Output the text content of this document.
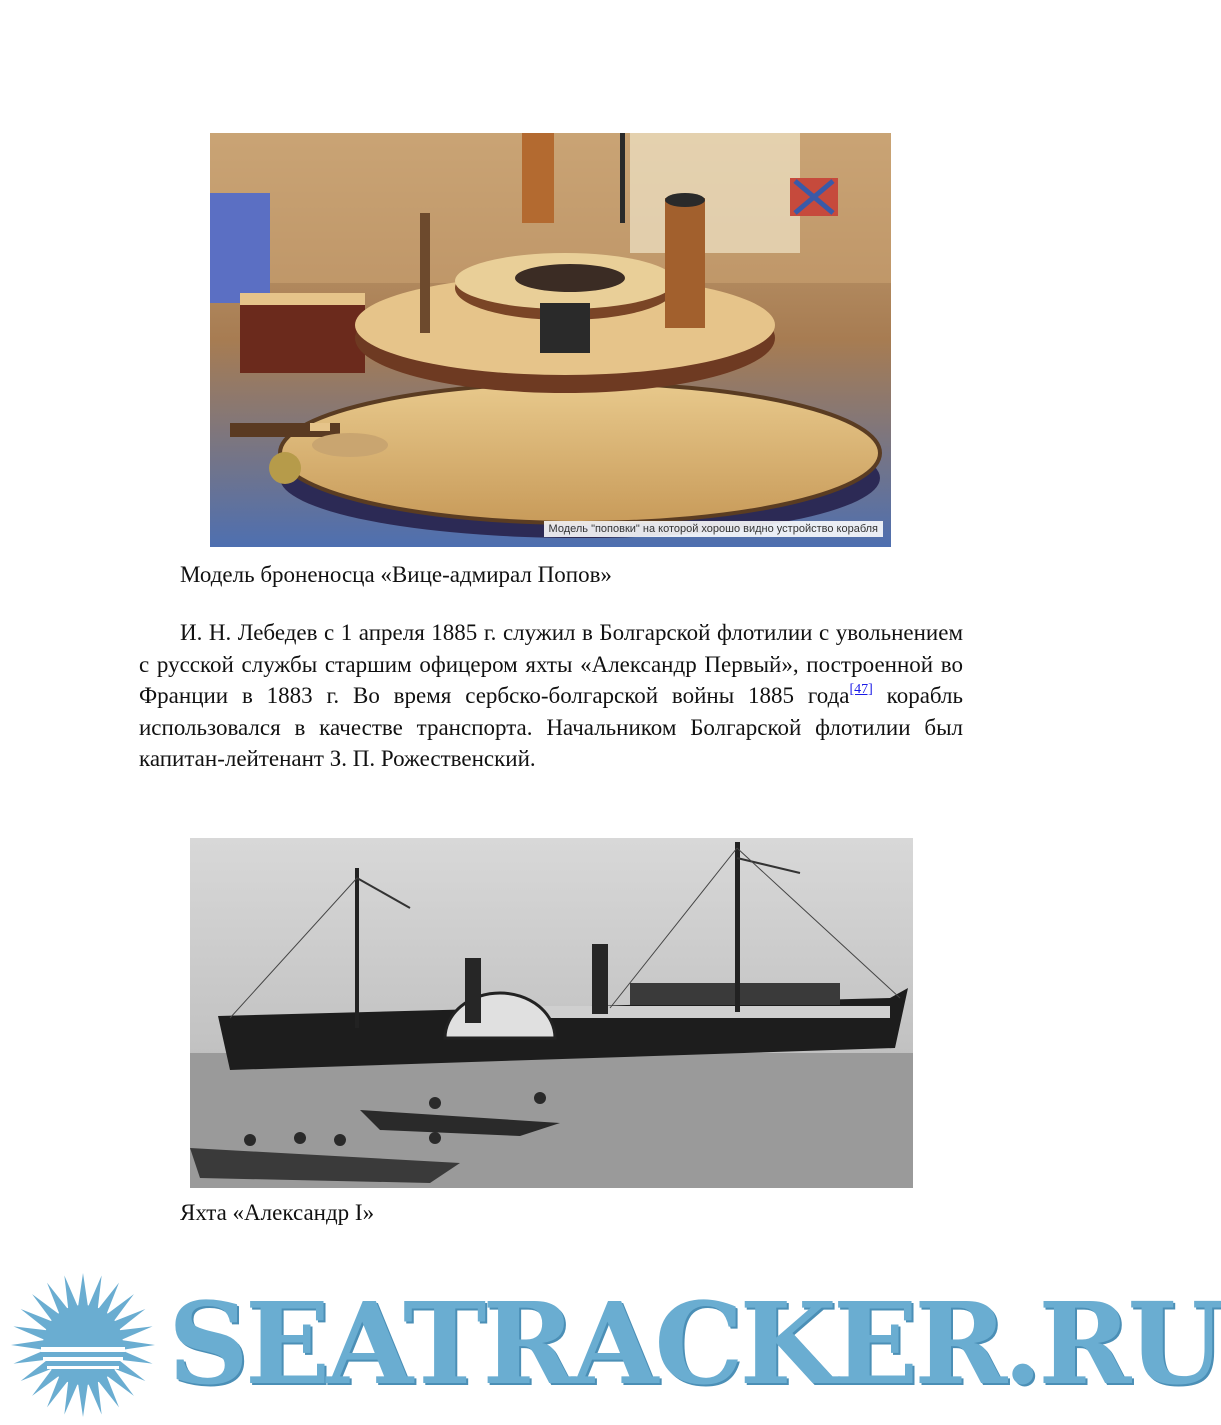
Модель "поповки" на которой хорошо видно устройство корабля
Модель броненосца «Вице-адмирал Попов»

И. Н. Лебедев с 1 апреля 1885 г. служил в Болгарской флотилии с увольнением с русской службы старшим офицером яхты «Александр Первый», построенной во Франции в 1883 г. Во время сербско-болгарской войны 1885 года[47] корабль использовался в качестве транспорта. Начальником Болгарской флотилии был капитан-лейтенант З. П. Рожественский.

Яхта «Александр I»
SEATRACKER.RU
